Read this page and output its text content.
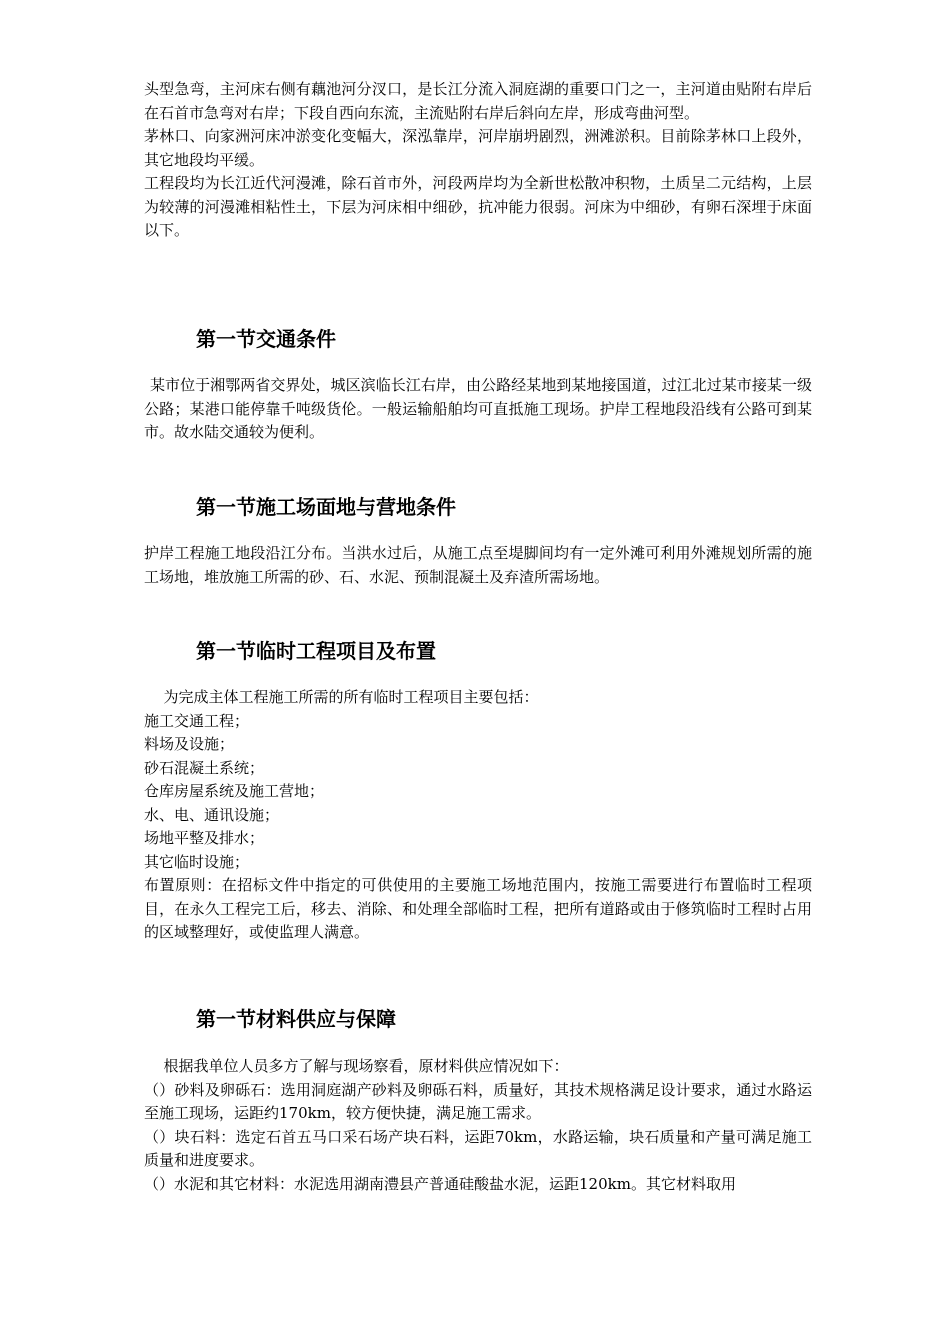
头型急弯，主河床右侧有藕池河分汊口，是长江分流入洞庭湖的重要口门之一，主河道由贴附右岸后在石首市急弯对右岸；下段自西向东流，主流贴附右岸后斜向左岸，形成弯曲河型。

茅林口、向家洲河床冲淤变化变幅大，深泓靠岸，河岸崩坍剧烈，洲滩淤积。目前除茅林口上段外，其它地段均平缓。

工程段均为长江近代河漫滩，除石首市外，河段两岸均为全新世松散冲积物，土质呈二元结构，上层为较薄的河漫滩相粘性土，下层为河床相中细砂，抗冲能力很弱。河床为中细砂，有卵石深埋于床面以下。

第一节交通条件

某市位于湘鄂两省交界处，城区滨临长江右岸，由公路经某地到某地接国道，过江北过某市接某一级公路；某港口能停靠千吨级货伦。一般运输船舶均可直抵施工现场。护岸工程地段沿线有公路可到某市。故水陆交通较为便利。

第一节施工场面地与营地条件

护岸工程施工地段沿江分布。当洪水过后，从施工点至堤脚间均有一定外滩可利用外滩规划所需的施工场地，堆放施工所需的砂、石、水泥、预制混凝土及弃渣所需场地。

第一节临时工程项目及布置

为完成主体工程施工所需的所有临时工程项目主要包括：

施工交通工程；

料场及设施；

砂石混凝土系统；

仓库房屋系统及施工营地；

水、电、通讯设施；

场地平整及排水；

其它临时设施；

布置原则：在招标文件中指定的可供使用的主要施工场地范围内，按施工需要进行布置临时工程项目，在永久工程完工后，移去、消除、和处理全部临时工程，把所有道路或由于修筑临时工程时占用的区域整理好，或使监理人满意。

第一节材料供应与保障

根据我单位人员多方了解与现场察看，原材料供应情况如下：

（）砂料及卵砾石：选用洞庭湖产砂料及卵砾石料，质量好，其技术规格满足设计要求，通过水路运至施工现场，运距约170km，较方便快捷，满足施工需求。

（）块石料：选定石首五马口采石场产块石料，运距70km，水路运输，块石质量和产量可满足施工质量和进度要求。

（）水泥和其它材料：水泥选用湖南澧县产普通硅酸盐水泥，运距120km。其它材料取用
